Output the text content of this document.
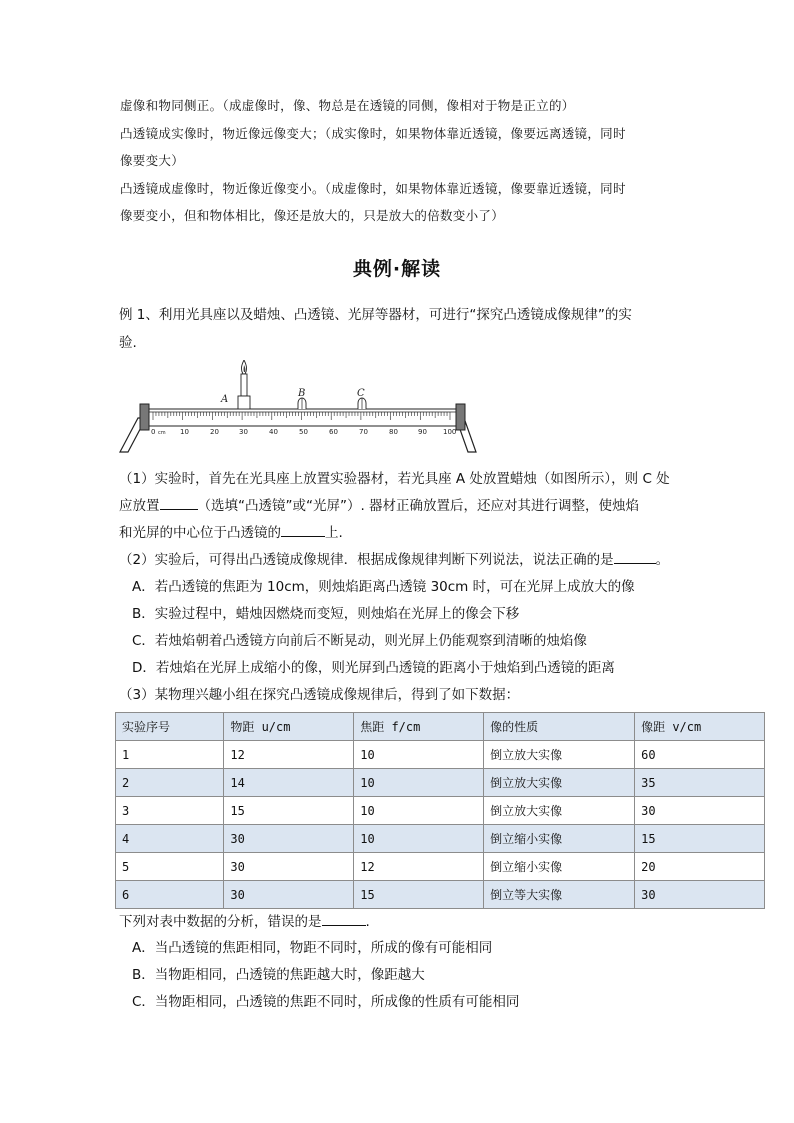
虚像和物同侧正。（成虚像时，像、物总是在透镜的同侧，像相对于物是正立的）
凸透镜成实像时，物近像远像变大；（成实像时，如果物体靠近透镜，像要远离透镜，同时
像要变大）
凸透镜成虚像时，物近像近像变小。（成虚像时，如果物体靠近透镜，像要靠近透镜，同时
像要变小，但和物体相比，像还是放大的，只是放大的倍数变小了）
典例·解读
例 1、利用光具座以及蜡烛、凸透镜、光屏等器材，可进行“探究凸透镜成像规律”的实
验.
0 cm 10	20	30	40	50	60	70	80	90 100
A
B	C
（1）实验时，首先在光具座上放置实验器材，若光具座 A 处放置蜡烛（如图所示），则 C 处
应放置	（选填“凸透镜”或“光屏”）. 器材正确放置后，还应对其进行调整，使烛焰
和光屏的中心位于凸透镜的	上.
（2）实验后，可得出凸透镜成像规律．根据成像规律判断下列说法，说法正确的是	。
A．若凸透镜的焦距为 10cm，则烛焰距离凸透镜 30cm 时，可在光屏上成放大的像
B．实验过程中，蜡烛因燃烧而变短，则烛焰在光屏上的像会下移
C．若烛焰朝着凸透镜方向前后不断晃动，则光屏上仍能观察到清晰的烛焰像
D．若烛焰在光屏上成缩小的像，则光屏到凸透镜的距离小于烛焰到凸透镜的距离
（3）某物理兴趣小组在探究凸透镜成像规律后，得到了如下数据：
实验序号	物距 u/cm	焦距 f/cm	像的性质	像距 v/cm
1	12	10	倒立放大实像	60
2	14	10	倒立放大实像	35
3	15	10	倒立放大实像	30
4	30	10	倒立缩小实像	15
5	30	12	倒立缩小实像	20
6	30	15	倒立等大实像	30
下列对表中数据的分析，错误的是	.
A．当凸透镜的焦距相同，物距不同时，所成的像有可能相同
B．当物距相同，凸透镜的焦距越大时，像距越大
C．当物距相同，凸透镜的焦距不同时，所成像的性质有可能相同
